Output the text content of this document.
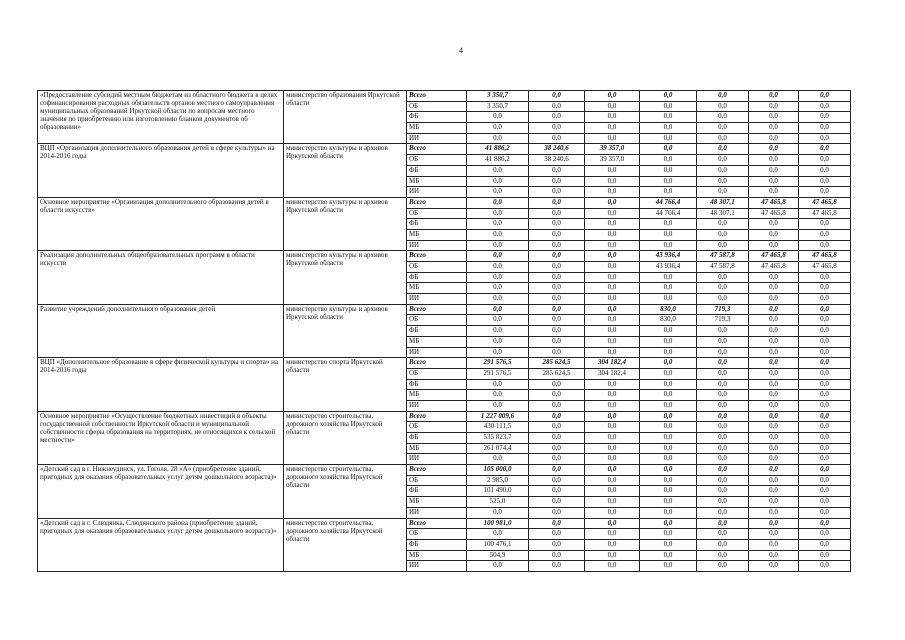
4
«Предоставление субсидий местным бюджетам из областного бюджета в целях софинансирования расходных обязательств органов местного самоуправления муниципальных образований Иркутской области по вопросам местного значения по приобретению или изготовлению бланков документов об образовании»	министерство образования Иркутской области	Всего	3 350,7	0,0	0,0	0,0	0,0	0,0	0,0
		ОБ	3 350,7	0,0	0,0	0,0	0,0	0,0	0,0
		ФБ	0,0	0,0	0,0	0,0	0,0	0,0	0,0
		МБ	0,0	0,0	0,0	0,0	0,0	0,0	0,0
		ИИ	0,0	0,0	0,0	0,0	0,0	0,0	0,0
ВЦП «Организация дополнительного образования детей в сфере культуры» на 2014-2016 годы	министерство культуры и архивов Иркутской области	Всего	41 886,2	38 240,6	39 357,0	0,0	0,0	0,0	0,0
		ОБ	41 886,2	38 240,6	39 357,0	0,0	0,0	0,0	0,0
		ФБ	0,0	0,0	0,0	0,0	0,0	0,0	0,0
		МБ	0,0	0,0	0,0	0,0	0,0	0,0	0,0
		ИИ	0,0	0,0	0,0	0,0	0,0	0,0	0,0
Основное мероприятие «Организация дополнительного образования детей в области искусств»	министерство культуры и архивов Иркутской области	Всего	0,0	0,0	0,0	44 766,4	48 307,1	47 465,8	47 465,8
		ОБ	0,0	0,0	0,0	44 766,4	48 307,1	47 465,8	47 465,8
		ФБ	0,0	0,0	0,0	0,0	0,0	0,0	0,0
		МБ	0,0	0,0	0,0	0,0	0,0	0,0	0,0
		ИИ	0,0	0,0	0,0	0,0	0,0	0,0	0,0
Реализация дополнительных общеобразовательных программ в области искусств	министерство культуры и архивов Иркутской области	Всего	0,0	0,0	0,0	43 936,4	47 587,8	47 465,8	47 465,8
		ОБ	0,0	0,0	0,0	43 936,4	47 587,8	47 465,8	47 465,8
		ФБ	0,0	0,0	0,0	0,0	0,0	0,0	0,0
		МБ	0,0	0,0	0,0	0,0	0,0	0,0	0,0
		ИИ	0,0	0,0	0,0	0,0	0,0	0,0	0,0
Развитие учреждений дополнительного образования детей	министерство культуры и архивов Иркутской области	Всего	0,0	0,0	0,0	830,0	719,3	0,0	0,0
		ОБ	0,0	0,0	0,0	830,0	719,3	0,0	0,0
		ФБ	0,0	0,0	0,0	0,0	0,0	0,0	0,0
		МБ	0,0	0,0	0,0	0,0	0,0	0,0	0,0
		ИИ	0,0	0,0	0,0	0,0	0,0	0,0	0,0
ВЦП «Дополнительное образование в сфере физической культуры и спорта» на 2014-2016 годы	министерство спорта Иркутской области	Всего	291 576,5	285 624,5	304 182,4	0,0	0,0	0,0	0,0
		ОБ	291 576,5	285 624,5	304 182,4	0,0	0,0	0,0	0,0
		ФБ	0,0	0,0	0,0	0,0	0,0	0,0	0,0
		МБ	0,0	0,0	0,0	0,0	0,0	0,0	0,0
		ИИ	0,0	0,0	0,0	0,0	0,0	0,0	0,0
Основное мероприятие «Осуществление бюджетных инвестиций в объекты государственной собственности Иркутской области и муниципальной собственности сферы образования на территориях, не относящихся к сельской местности»	министерство строительства, дорожного хозяйства Иркутской области	Всего	1 227 009,6	0,0	0,0	0,0	0,0	0,0	0,0
		ОБ	430 111,5	0,0	0,0	0,0	0,0	0,0	0,0
		ФБ	535 823,7	0,0	0,0	0,0	0,0	0,0	0,0
		МБ	261 074,4	0,0	0,0	0,0	0,0	0,0	0,0
		ИИ	0,0	0,0	0,0	0,0	0,0	0,0	0,0
«Детский сад в г. Нижнеудинск, ул. Гоголя, 28 «А» (приобретение зданий, пригодных для оказания образовательных услуг детям дошкольного возраста)»	министерство строительства, дорожного хозяйства Иркутской области	Всего	105 000,0	0,0	0,0	0,0	0,0	0,0	0,0
		ОБ	2 985,0	0,0	0,0	0,0	0,0	0,0	0,0
		ФБ	101 490,0	0,0	0,0	0,0	0,0	0,0	0,0
		МБ	525,0	0,0	0,0	0,0	0,0	0,0	0,0
		ИИ	0,0	0,0	0,0	0,0	0,0	0,0	0,0
«Детский сад в г. Слюдянка, Слюдянского района (приобретение зданий, пригодных для оказания образовательных услуг детям дошкольного возраста)»	министерство строительства, дорожного хозяйства Иркутской области	Всего	100 981,0	0,0	0,0	0,0	0,0	0,0	0,0
		ОБ	0,0	0,0	0,0	0,0	0,0	0,0	0,0
		ФБ	100 476,1	0,0	0,0	0,0	0,0	0,0	0,0
		МБ	504,9	0,0	0,0	0,0	0,0	0,0	0,0
		ИИ	0,0	0,0	0,0	0,0	0,0	0,0	0,0
